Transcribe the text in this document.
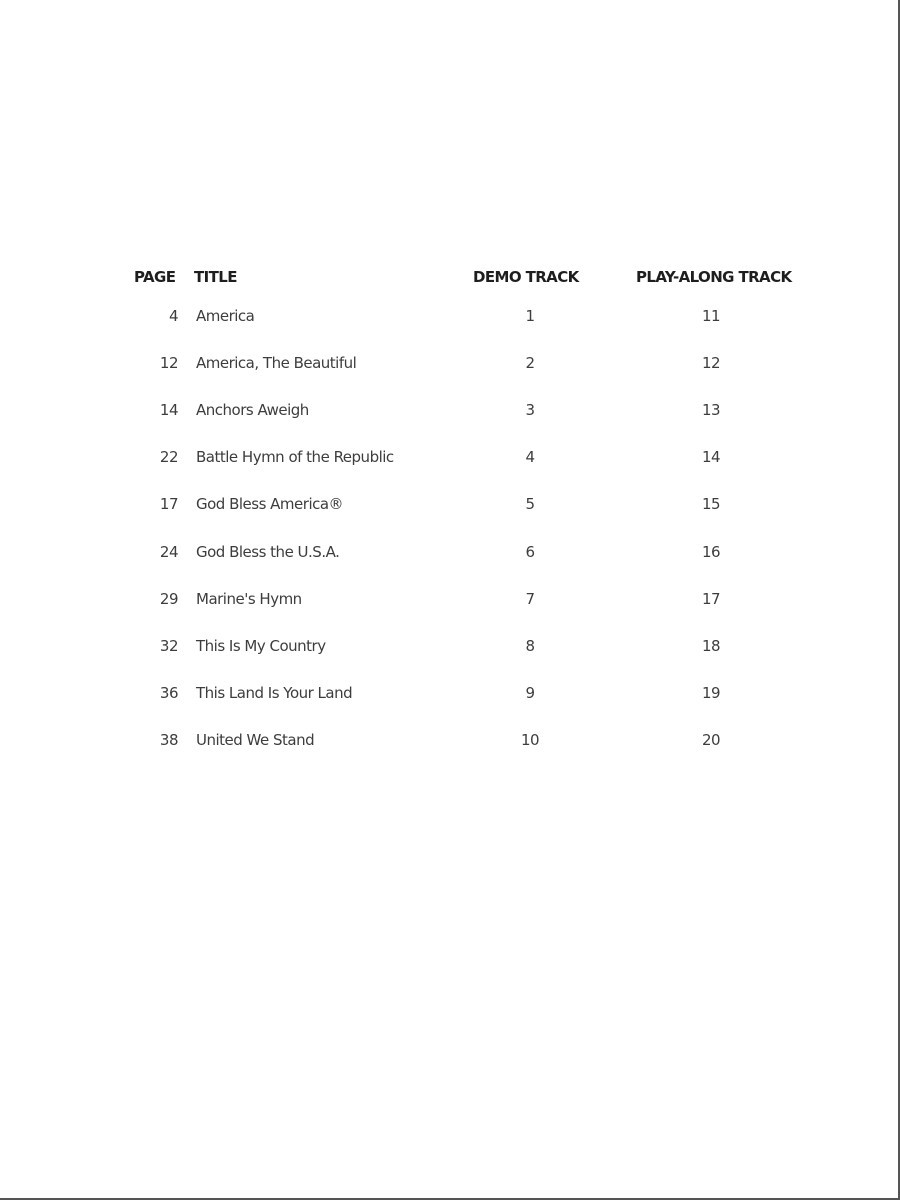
PAGE TITLE	DEMO TRACK	PLAY-ALONG TRACK
4 America	1	11
12 America, The Beautiful	2	12
14 Anchors Aweigh	3	13
22 Battle Hymn of the Republic	4	14
17 God Bless America®	5	15
24 God Bless the U.S.A.	6	16
29 Marine's Hymn	7	17
32 This Is My Country	8	18
36 This Land Is Your Land	9	19
38 United We Stand	10	20
